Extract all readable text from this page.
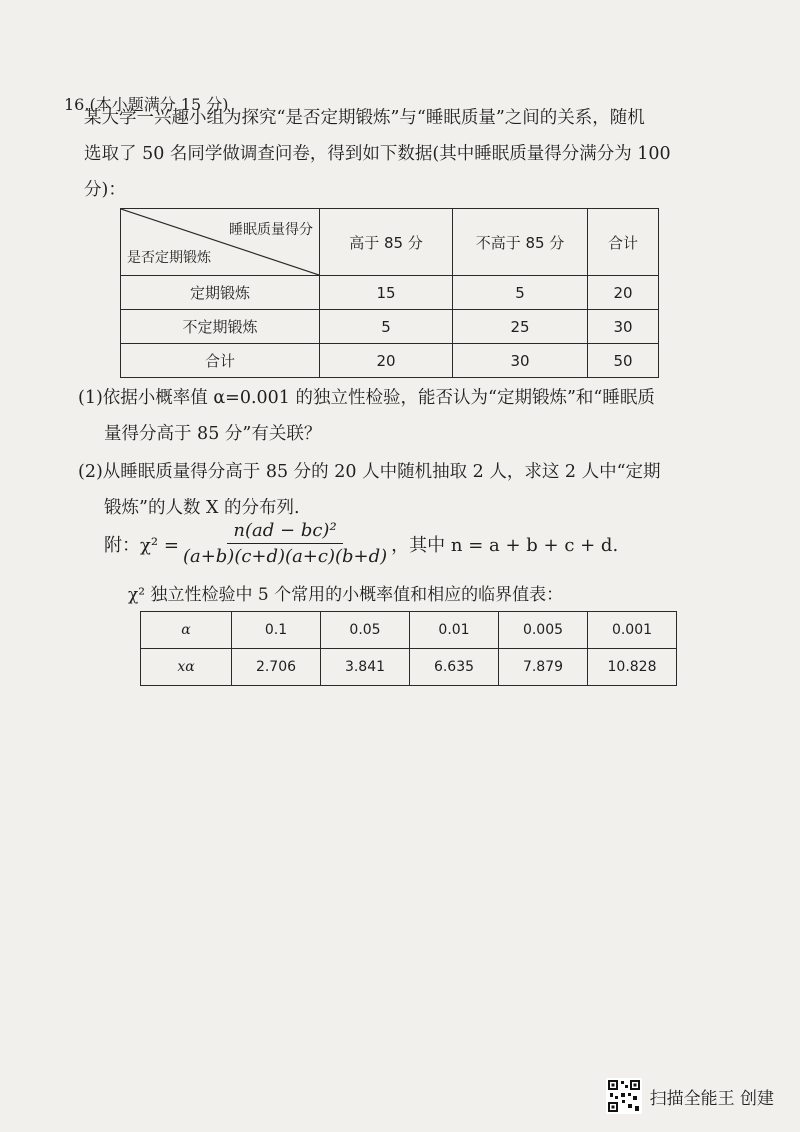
16.(本小题满分 15 分)
某大学一兴趣小组为探究“是否定期锻炼”与“睡眠质量”之间的关系，随机
选取了 50 名同学做调查问卷，得到如下数据(其中睡眠质量得分满分为 100
分)：
睡眠质量得分
是否定期锻炼	高于 85 分	不高于 85 分	合计
定期锻炼	15	5	20
不定期锻炼	5	25	30
合计	20	30	50
(1)依据小概率值 α=0.001 的独立性检验，能否认为“定期锻炼”和“睡眠质
量得分高于 85 分”有关联？
(2)从睡眠质量得分高于 85 分的 20 人中随机抽取 2 人，求这 2 人中“定期
锻炼”的人数 X 的分布列.
附：$\chi^2 = \frac{\text{n(ad − bc)²}}{(a+b)(c+d)(a+c)(b+d)}$ ，其中 n = a + b + c + d.
χ² 独立性检验中 5 个常用的小概率值和相应的临界值表：
α	0.1	0.05	0.01	0.005	0.001
xα	2.706	3.841	6.635	7.879	10.828
扫描全能王 创建
